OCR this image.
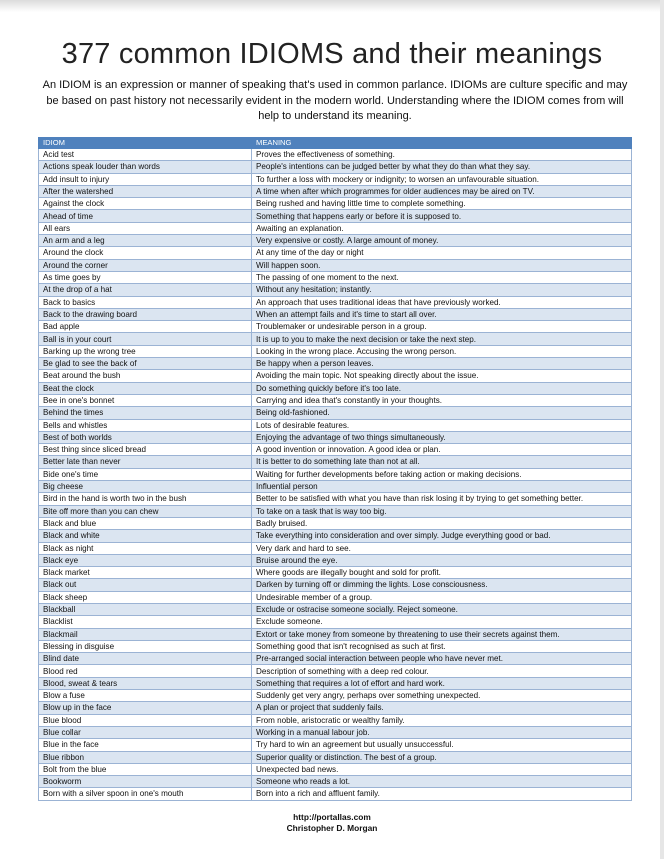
377 common IDIOMS and their meanings
An IDIOM is an expression or manner of speaking that's used in common parlance. IDIOMs are culture specific and may be based on past history not necessarily evident in the modern world. Understanding where the IDIOM comes from will help to understand its meaning.
IDIOM	MEANING
Acid test	Proves the effectiveness of something.
Actions speak louder than words	People's intentions can be judged better by what they do than what they say.
Add insult to injury	To further a loss with mockery or indignity; to worsen an unfavourable situation.
After the watershed	A time when after which programmes for older audiences may be aired on TV.
Against the clock	Being rushed and having little time to complete something.
Ahead of time	Something that happens early or before it is supposed to.
All ears	Awaiting an explanation.
An arm and a leg	Very expensive or costly. A large amount of money.
Around the clock	At any time of the day or night
Around the corner	Will happen soon.
As time goes by	The passing of one moment to the next.
At the drop of a hat	Without any hesitation; instantly.
Back to basics	An approach that uses traditional ideas that have previously worked.
Back to the drawing board	When an attempt fails and it's time to start all over.
Bad apple	Troublemaker or undesirable person in a group.
Ball is in your court	It is up to you to make the next decision or take the next step.
Barking up the wrong tree	Looking in the wrong place. Accusing the wrong person.
Be glad to see the back of	Be happy when a person leaves.
Beat around the bush	Avoiding the main topic. Not speaking directly about the issue.
Beat the clock	Do something quickly before it's too late.
Bee in one's bonnet	Carrying and idea that's constantly in your thoughts.
Behind the times	Being old-fashioned.
Bells and whistles	Lots of desirable features.
Best of both worlds	Enjoying the advantage of two things simultaneously.
Best thing since sliced bread	A good invention or innovation. A good idea or plan.
Better late than never	It is better to do something late than not at all.
Bide one's time	Waiting for further developments before taking action or making decisions.
Big cheese	Influential person
Bird in the hand is worth two in the bush	Better to be satisfied with what you have than risk losing it by trying to get something better.
Bite off more than you can chew	To take on a task that is way too big.
Black and blue	Badly bruised.
Black and white	Take everything into consideration and over simply. Judge everything good or bad.
Black as night	Very dark and hard to see.
Black eye	Bruise around the eye.
Black market	Where goods are illegally bought and sold for profit.
Black out	Darken by turning off or dimming the lights. Lose consciousness.
Black sheep	Undesirable member of a group.
Blackball	Exclude or ostracise someone socially. Reject someone.
Blacklist	Exclude someone.
Blackmail	Extort or take money from someone by threatening to use their secrets against them.
Blessing in disguise	Something good that isn't recognised as such at first.
Blind date	Pre-arranged social interaction between people who have never met.
Blood red	Description of something with a deep red colour.
Blood, sweat & tears	Something that requires a lot of effort and hard work.
Blow a fuse	Suddenly get very angry, perhaps over something unexpected.
Blow up in the face	A plan or project that suddenly fails.
Blue blood	From noble, aristocratic or wealthy family.
Blue collar	Working in a manual labour job.
Blue in the face	Try hard to win an agreement but usually unsuccessful.
Blue ribbon	Superior quality or distinction. The best of a group.
Bolt from the blue	Unexpected bad news.
Bookworm	Someone who reads a lot.
Born with a silver spoon in one's mouth	Born into a rich and affluent family.
http://portallas.com
Christopher D. Morgan
